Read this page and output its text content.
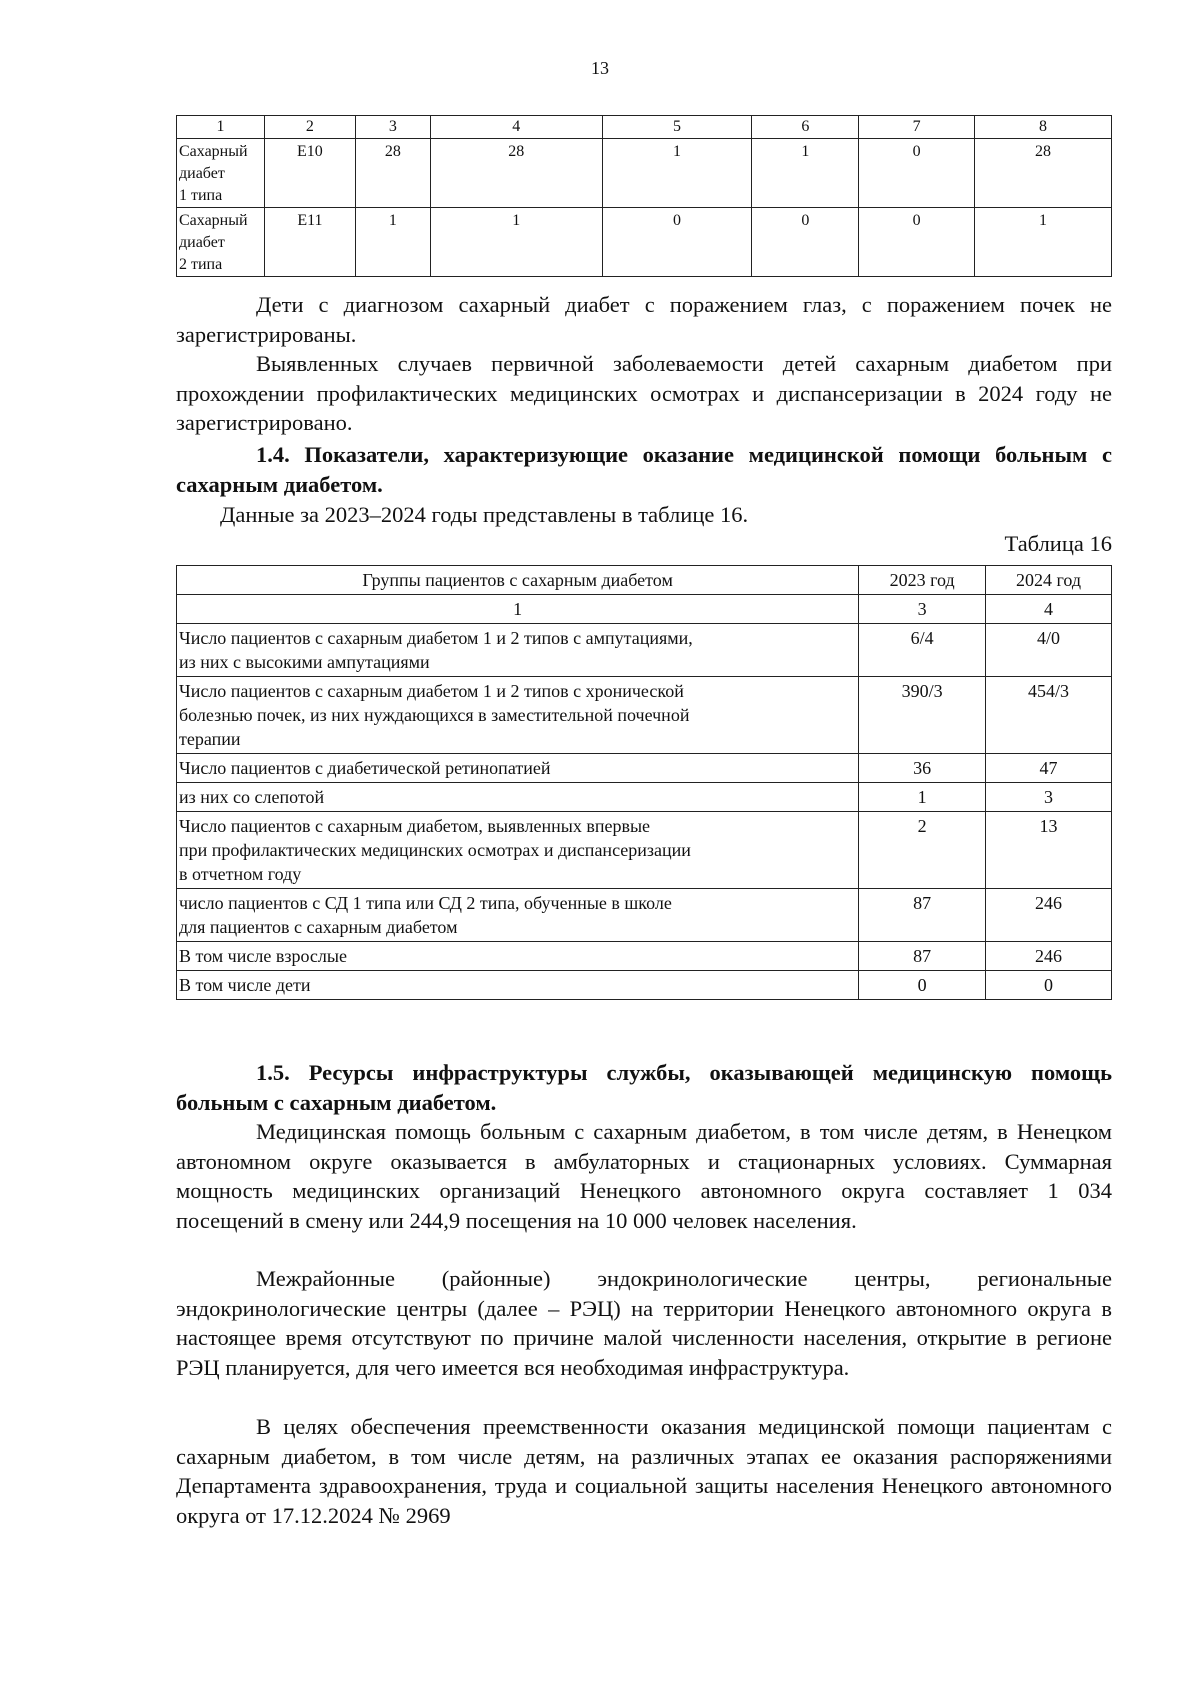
13
1	2	3	4	5	6	7	8

Сахарный
диабет
1 типа	E10	28	28	1	1	0	28

Сахарный
диабет
2 типа	E11	1	1	0	0	0	1

Дети с диагнозом сахарный диабет с поражением глаз, с поражением почек не зарегистрированы.

Выявленных случаев первичной заболеваемости детей сахарным диабетом при прохождении профилактических медицинских осмотрах и диспансеризации в 2024 году не зарегистрировано.

1.4. Показатели, характеризующие оказание медицинской помощи больным с сахарным диабетом.

Данные за 2023–2024 годы представлены в таблице 16.

Таблица 16
Группы пациентов с сахарным диабетом	2023 год	2024 год
1	3	4

Число пациентов с сахарным диабетом 1 и 2 типов с ампутациями,
из них с высокими ампутациями	6/4	4/0

Число пациентов с сахарным диабетом 1 и 2 типов с хронической
болезнью почек, из них нуждающихся в заместительной почечной
терапии	390/3	454/3

Число пациентов с диабетической ретинопатией	36	47

из них со слепотой	1	3

Число пациентов с сахарным диабетом, выявленных впервые
при профилактических медицинских осмотрах и диспансеризации
в отчетном году	2	13

число пациентов с СД 1 типа или СД 2 типа, обученные в школе
для пациентов с сахарным диабетом	87	246

В том числе взрослые	87	246

В том числе дети	0	0

1.5. Ресурсы инфраструктуры службы, оказывающей медицинскую помощь больным с сахарным диабетом.

Медицинская помощь больным с сахарным диабетом, в том числе детям, в Ненецком автономном округе оказывается в амбулаторных и стационарных условиях. Суммарная мощность медицинских организаций Ненецкого автономного округа составляет 1 034 посещений в смену или 244,9 посещения на 10 000 человек населения.

Межрайонные (районные) эндокринологические центры, региональные эндокринологические центры (далее – РЭЦ) на территории Ненецкого автономного округа в настоящее время отсутствуют по причине малой численности населения, открытие в регионе РЭЦ планируется, для чего имеется вся необходимая инфраструктура.

В целях обеспечения преемственности оказания медицинской помощи пациентам с сахарным диабетом, в том числе детям, на различных этапах ее оказания распоряжениями Департамента здравоохранения, труда и социальной защиты населения Ненецкого автономного округа от 17.12.2024 № 2969
